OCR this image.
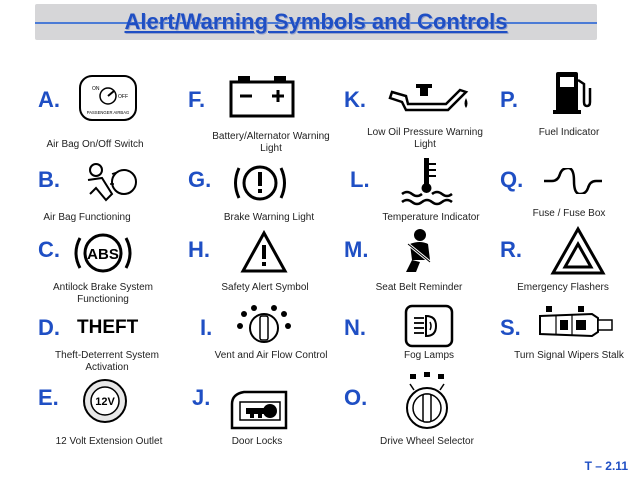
Alert/Warning Symbols and Controls
A.	ON
OFF
PASSENGER AIRBAG
Air Bag On/Off Switch
B.
Air Bag Functioning
C. ABS
Antilock Brake System Functioning
D. THEFT
Theft-Deterrent System Activation
E.	12V
12 Volt Extension Outlet
F.
Battery/Alternator Warning Light
G.
Brake Warning Light
H.
Safety Alert Symbol
I.
Vent and Air Flow Control
J.
Door Locks
K.
Low Oil Pressure Warning Light
L.
Temperature Indicator
M.
Seat Belt Reminder
N.
Fog Lamps
O.
Drive Wheel Selector
P.
Fuel Indicator
Q.
Fuse / Fuse Box
R.
Emergency Flashers
S.
Turn Signal Wipers Stalk
T – 2.11
